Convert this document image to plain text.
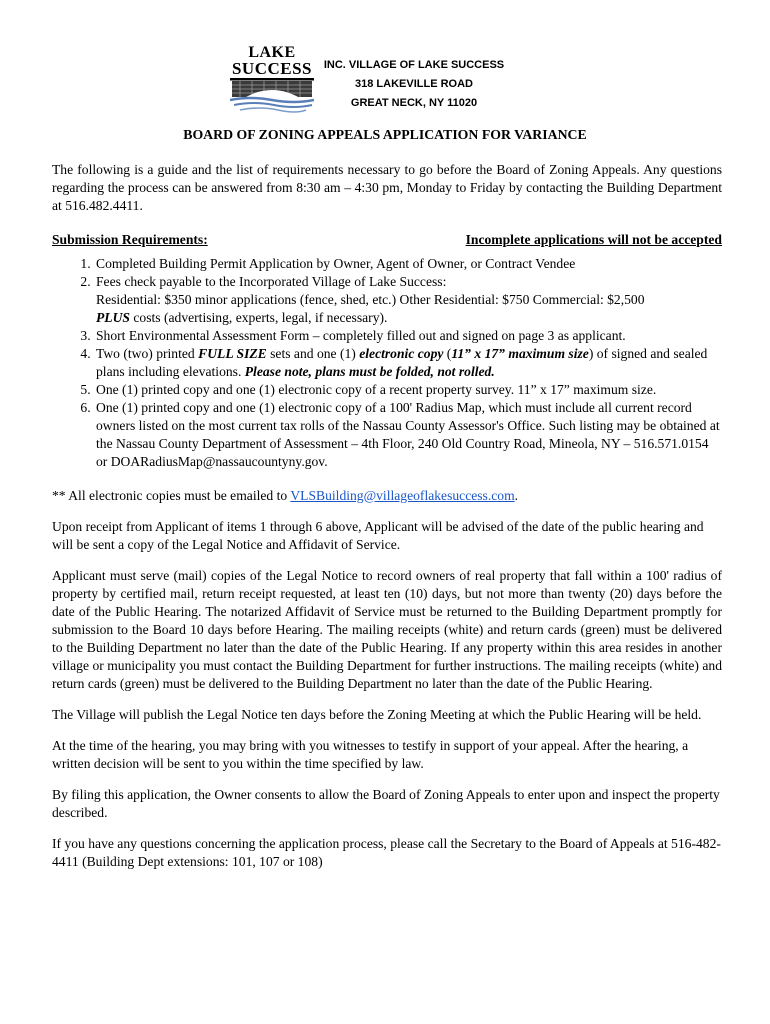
LAKE
SUCCESS	INC. VILLAGE OF LAKE SUCCESS
318 LAKEVILLE ROAD
GREAT NECK, NY 11020
BOARD OF ZONING APPEALS APPLICATION FOR VARIANCE

The following is a guide and the list of requirements necessary to go before the Board of Zoning Appeals. Any questions regarding the process can be answered from 8:30 am – 4:30 pm, Monday to Friday by contacting the Building Department at 516.482.4411.

Submission Requirements:	Incomplete applications will not be accepted
1. Completed Building Permit Application by Owner, Agent of Owner, or Contract Vendee
2. Fees check payable to the Incorporated Village of Lake Success:
Residential: $350 minor applications (fence, shed, etc.) Other Residential: $750 Commercial: $2,500
PLUS costs (advertising, experts, legal, if necessary).
3. Short Environmental Assessment Form – completely filled out and signed on page 3 as applicant.
4. Two (two) printed FULL SIZE sets and one (1) electronic copy (11” x 17” maximum size) of signed and sealed plans including elevations. Please note, plans must be folded, not rolled.
5. One (1) printed copy and one (1) electronic copy of a recent property survey. 11” x 17” maximum size.
6. One (1) printed copy and one (1) electronic copy of a 100' Radius Map, which must include all current record owners listed on the most current tax rolls of the Nassau County Assessor's Office. Such listing may be obtained at the Nassau County Department of Assessment – 4th Floor, 240 Old Country Road, Mineola, NY – 516.571.0154 or DOARadiusMap@nassaucountyny.gov.

** All electronic copies must be emailed to VLSBuilding@villageoflakesuccess.com.

Upon receipt from Applicant of items 1 through 6 above, Applicant will be advised of the date of the public hearing and will be sent a copy of the Legal Notice and Affidavit of Service.

Applicant must serve (mail) copies of the Legal Notice to record owners of real property that fall within a 100' radius of property by certified mail, return receipt requested, at least ten (10) days, but not more than twenty (20) days before the date of the Public Hearing. The notarized Affidavit of Service must be returned to the Building Department promptly for submission to the Board 10 days before Hearing. The mailing receipts (white) and return cards (green) must be delivered to the Building Department no later than the date of the Public Hearing. If any property within this area resides in another village or municipality you must contact the Building Department for further instructions. The mailing receipts (white) and return cards (green) must be delivered to the Building Department no later than the date of the Public Hearing.

The Village will publish the Legal Notice ten days before the Zoning Meeting at which the Public Hearing will be held.

At the time of the hearing, you may bring with you witnesses to testify in support of your appeal. After the hearing, a written decision will be sent to you within the time specified by law.

By filing this application, the Owner consents to allow the Board of Zoning Appeals to enter upon and inspect the property described.

If you have any questions concerning the application process, please call the Secretary to the Board of Appeals at 516-482-4411 (Building Dept extensions: 101, 107 or 108)
